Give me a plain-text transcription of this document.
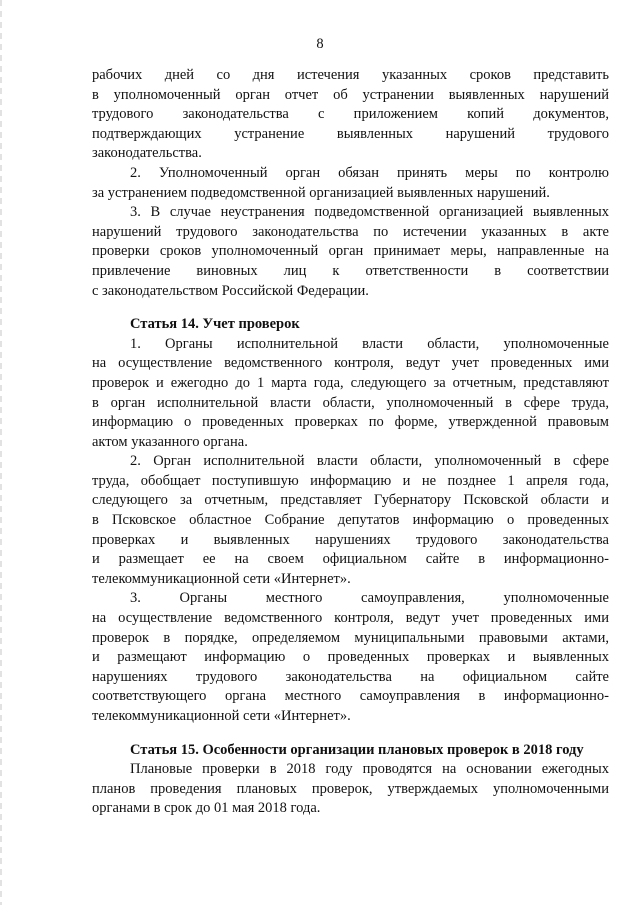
8
рабочих дней со дня истечения указанных сроков представить
в уполномоченный орган отчет об устранении выявленных нарушений
трудового законодательства с приложением копий документов,
подтверждающих устранение выявленных нарушений трудового
законодательства.
2. Уполномоченный орган обязан принять меры по контролю
за устранением подведомственной организацией выявленных нарушений.
3. В случае неустранения подведомственной организацией выявленных
нарушений трудового законодательства по истечении указанных в акте
проверки сроков уполномоченный орган принимает меры, направленные на
привлечение виновных лиц к ответственности в соответствии
с законодательством Российской Федерации.
Статья 14. Учет проверок
1. Органы исполнительной власти области, уполномоченные
на осуществление ведомственного контроля, ведут учет проведенных ими
проверок и ежегодно до 1 марта года, следующего за отчетным, представляют
в орган исполнительной власти области, уполномоченный в сфере труда,
информацию о проведенных проверках по форме, утвержденной правовым
актом указанного органа.
2. Орган исполнительной власти области, уполномоченный в сфере
труда, обобщает поступившую информацию и не позднее 1 апреля года,
следующего за отчетным, представляет Губернатору Псковской области и
в Псковское областное Собрание депутатов информацию о проведенных
проверках и выявленных нарушениях трудового законодательства
и размещает ее на своем официальном сайте в информационно-
телекоммуникационной сети «Интернет».
3. Органы местного самоуправления, уполномоченные
на осуществление ведомственного контроля, ведут учет проведенных ими
проверок в порядке, определяемом муниципальными правовыми актами,
и размещают информацию о проведенных проверках и выявленных
нарушениях трудового законодательства на официальном сайте
соответствующего органа местного самоуправления в информационно-
телекоммуникационной сети «Интернет».
Статья 15. Особенности организации плановых проверок в 2018 году
Плановые проверки в 2018 году проводятся на основании ежегодных
планов проведения плановых проверок, утверждаемых уполномоченными
органами в срок до 01 мая 2018 года.
